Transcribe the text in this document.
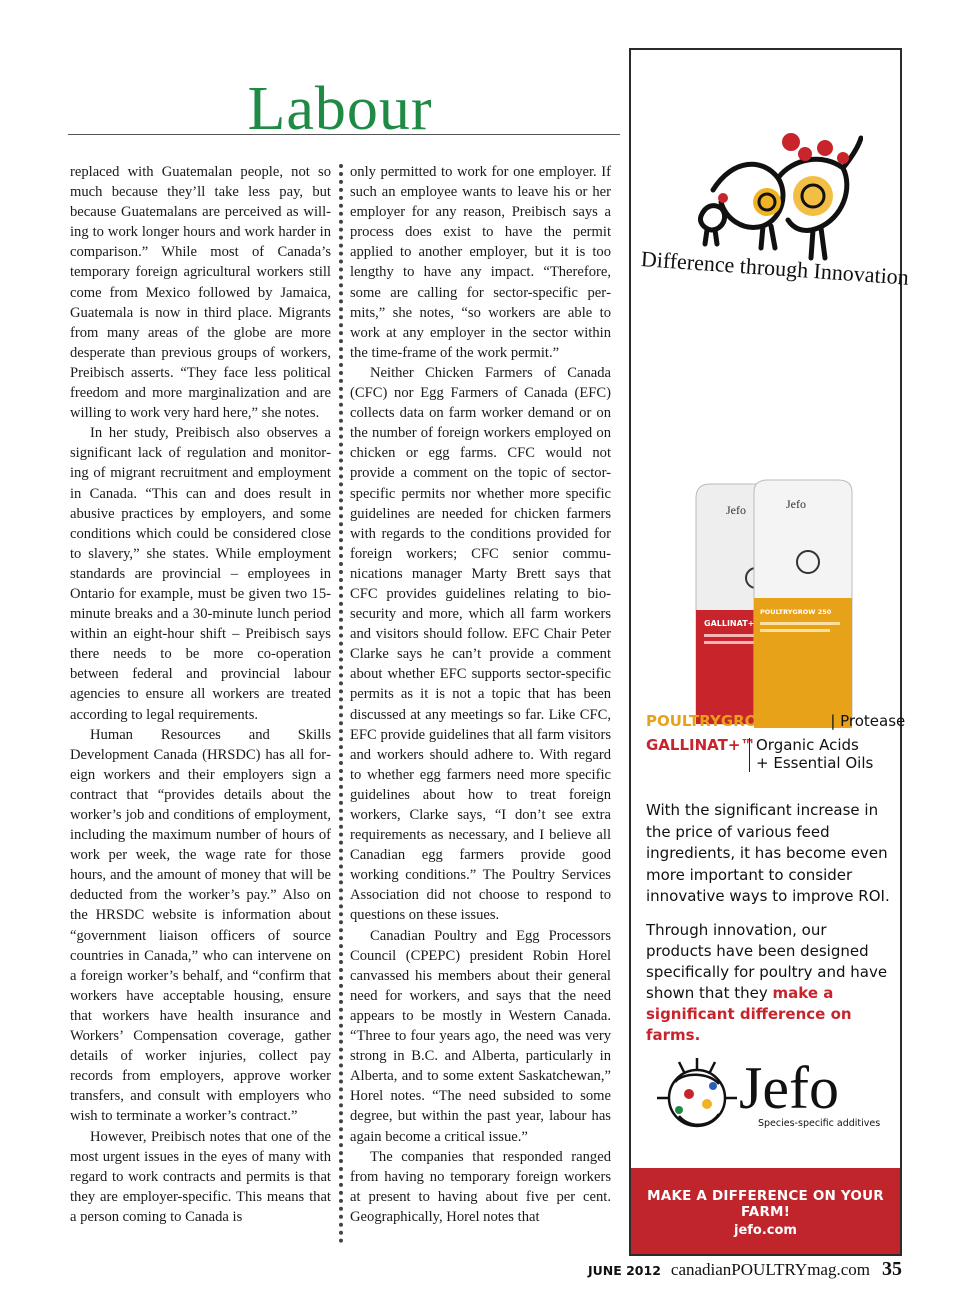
Labour

replaced with Guatemalan people, not so much because they’ll take less pay, but because Guatemalans are perceived as willing to work longer hours and work harder in comparison.” While most of Canada’s temporary foreign agricultural workers still come from Mexico followed by Jamaica, Guatemala is now in third place. Migrants from many areas of the globe are more desperate than previous groups of workers, Preibisch asserts. “They face less political freedom and more marginalization and are willing to work very hard here,” she notes.

In her study, Preibisch also observes a significant lack of regulation and monitoring of migrant recruitment and employment in Canada. “This can and does result in abusive practices by employers, and some conditions which could be considered close to slavery,” she states. While employment standards are provincial – employees in Ontario for example, must be given two 15-minute breaks and a 30-minute lunch period within an eight-hour shift – Preibisch says there needs to be more co-operation between federal and provincial labour agencies to ensure all workers are treated according to legal requirements.

Human Resources and Skills Development Canada (HRSDC) has all foreign workers and their employers sign a contract that “provides details about the worker’s job and conditions of employment, including the maximum number of hours of work per week, the wage rate for those hours, and the amount of money that will be deducted from the worker’s pay.” Also on the HRSDC website is information about “government liaison officers of source countries in Canada,” who can intervene on a foreign worker’s behalf, and “confirm that workers have acceptable housing, ensure that workers have health insurance and Workers’ Compensation coverage, gather details of worker injuries, collect pay records from employers, approve worker transfers, and consult with employers who wish to terminate a worker’s contract.”

However, Preibisch notes that one of the most urgent issues in the eyes of many with regard to work contracts and permits is that they are employer-specific. This means that a person coming to Canada is

only permitted to work for one employer. If such an employee wants to leave his or her employer for any reason, Preibisch says a process does exist to have the permit applied to another employer, but it is too lengthy to have any impact. “Therefore, some are calling for sector-specific permits,” she notes, “so workers are able to work at any employer in the sector within the time-frame of the work permit.”

Neither Chicken Farmers of Canada (CFC) nor Egg Farmers of Canada (EFC) collects data on farm worker demand or on the number of foreign workers employed on chicken or egg farms. CFC would not provide a comment on the topic of sector-specific permits nor whether more specific guidelines are needed for chicken farmers with regards to the conditions provided for foreign workers; CFC senior communications manager Marty Brett says that CFC provides guidelines relating to biosecurity and more, which all farm workers and visitors should follow. EFC Chair Peter Clarke says he can’t provide a comment about whether EFC supports sector-specific permits as it is not a topic that has been discussed at any meetings so far. Like CFC, EFC provide guidelines that all farm visitors and workers should adhere to. With regard to whether egg farmers need more specific guidelines about how to treat foreign workers, Clarke says, “I don’t see extra requirements as necessary, and I believe all Canadian egg farmers provide good working conditions.” The Poultry Services Association did not choose to respond to questions on these issues.

Canadian Poultry and Egg Processors Council (CPEPC) president Robin Horel canvassed his members about their general need for workers, and says that the need appears to be mostly in Western Canada. “Three to four years ago, the need was very strong in B.C. and Alberta, particularly in Alberta, and to some extent Saskatchewan,” Horel notes. “The need subsided to some degree, but within the past year, labour has again become a critical issue.”

The companies that responded ranged from having no temporary foreign workers at present to having about five per cent. Geographically, Horel notes that

Difference through Innovation
Jefo
GALLINAT+
Jefo
POULTRYGROW 250
POULTRYGROW 250™ | Protease
GALLINAT+™ Organic Acids
+ Essential Oils
With the significant increase in the price of various feed ingredients, it has become even more important to consider innovative ways to improve ROI.
Through innovation, our products have been designed specifically for poultry and have shown that they make a significant difference on farms.
Jefo
Species-specific additives
MAKE A DIFFERENCE ON YOUR FARM!
jefo.com
JUNE 2012 canadianPOULTRYmag.com 35
